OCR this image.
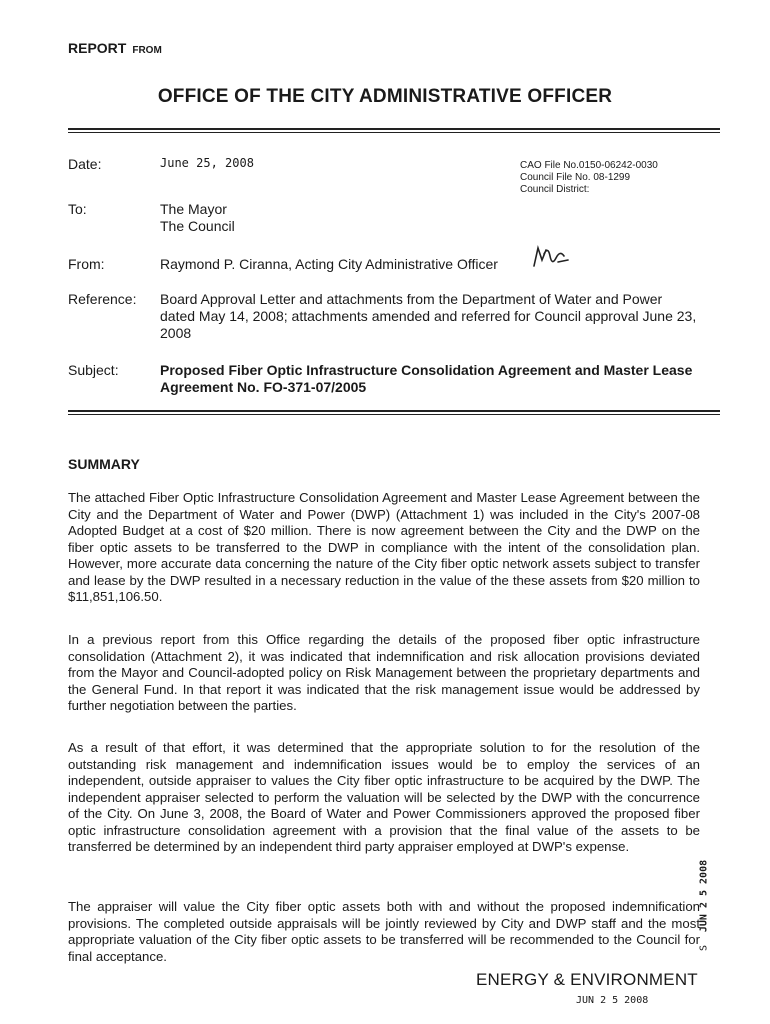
REPORT FROM
OFFICE OF THE CITY ADMINISTRATIVE OFFICER
Date:	June 25, 2008	CAO File No.0150-06242-0030
Council File No. 08-1299
Council District:
To:	The Mayor
The Council
From:	Raymond P. Ciranna, Acting City Administrative Officer
Reference: Board Approval Letter and attachments from the Department of Water and Power dated May 14, 2008; attachments amended and referred for Council approval June 23, 2008
Subject:	Proposed Fiber Optic Infrastructure Consolidation Agreement and Master Lease Agreement No. FO-371-07/2005
SUMMARY
The attached Fiber Optic Infrastructure Consolidation Agreement and Master Lease Agreement between the City and the Department of Water and Power (DWP) (Attachment 1) was included in the City's 2007-08 Adopted Budget at a cost of $20 million. There is now agreement between the City and the DWP on the fiber optic assets to be transferred to the DWP in compliance with the intent of the consolidation plan. However, more accurate data concerning the nature of the City fiber optic network assets subject to transfer and lease by the DWP resulted in a necessary reduction in the value of the these assets from $20 million to $11,851,106.50.
In a previous report from this Office regarding the details of the proposed fiber optic infrastructure consolidation (Attachment 2), it was indicated that indemnification and risk allocation provisions deviated from the Mayor and Council-adopted policy on Risk Management between the proprietary departments and the General Fund. In that report it was indicated that the risk management issue would be addressed by further negotiation between the parties.
As a result of that effort, it was determined that the appropriate solution to for the resolution of the outstanding risk management and indemnification issues would be to employ the services of an independent, outside appraiser to values the City fiber optic infrastructure to be acquired by the DWP. The independent appraiser selected to perform the valuation will be selected by the DWP with the concurrence of the City. On June 3, 2008, the Board of Water and Power Commissioners approved the proposed fiber optic infrastructure consolidation agreement with a provision that the final value of the assets to be transferred be determined by an independent third party appraiser employed at DWP's expense.
The appraiser will value the City fiber optic assets both with and without the proposed indemnification provisions. The completed outside appraisals will be jointly reviewed by City and DWP staff and the most appropriate valuation of the City fiber optic assets to be transferred will be recommended to the Council for final acceptance.
JUN 2 5 2008
S
ENERGY & ENVIRONMENT
JUN 2 5 2008
